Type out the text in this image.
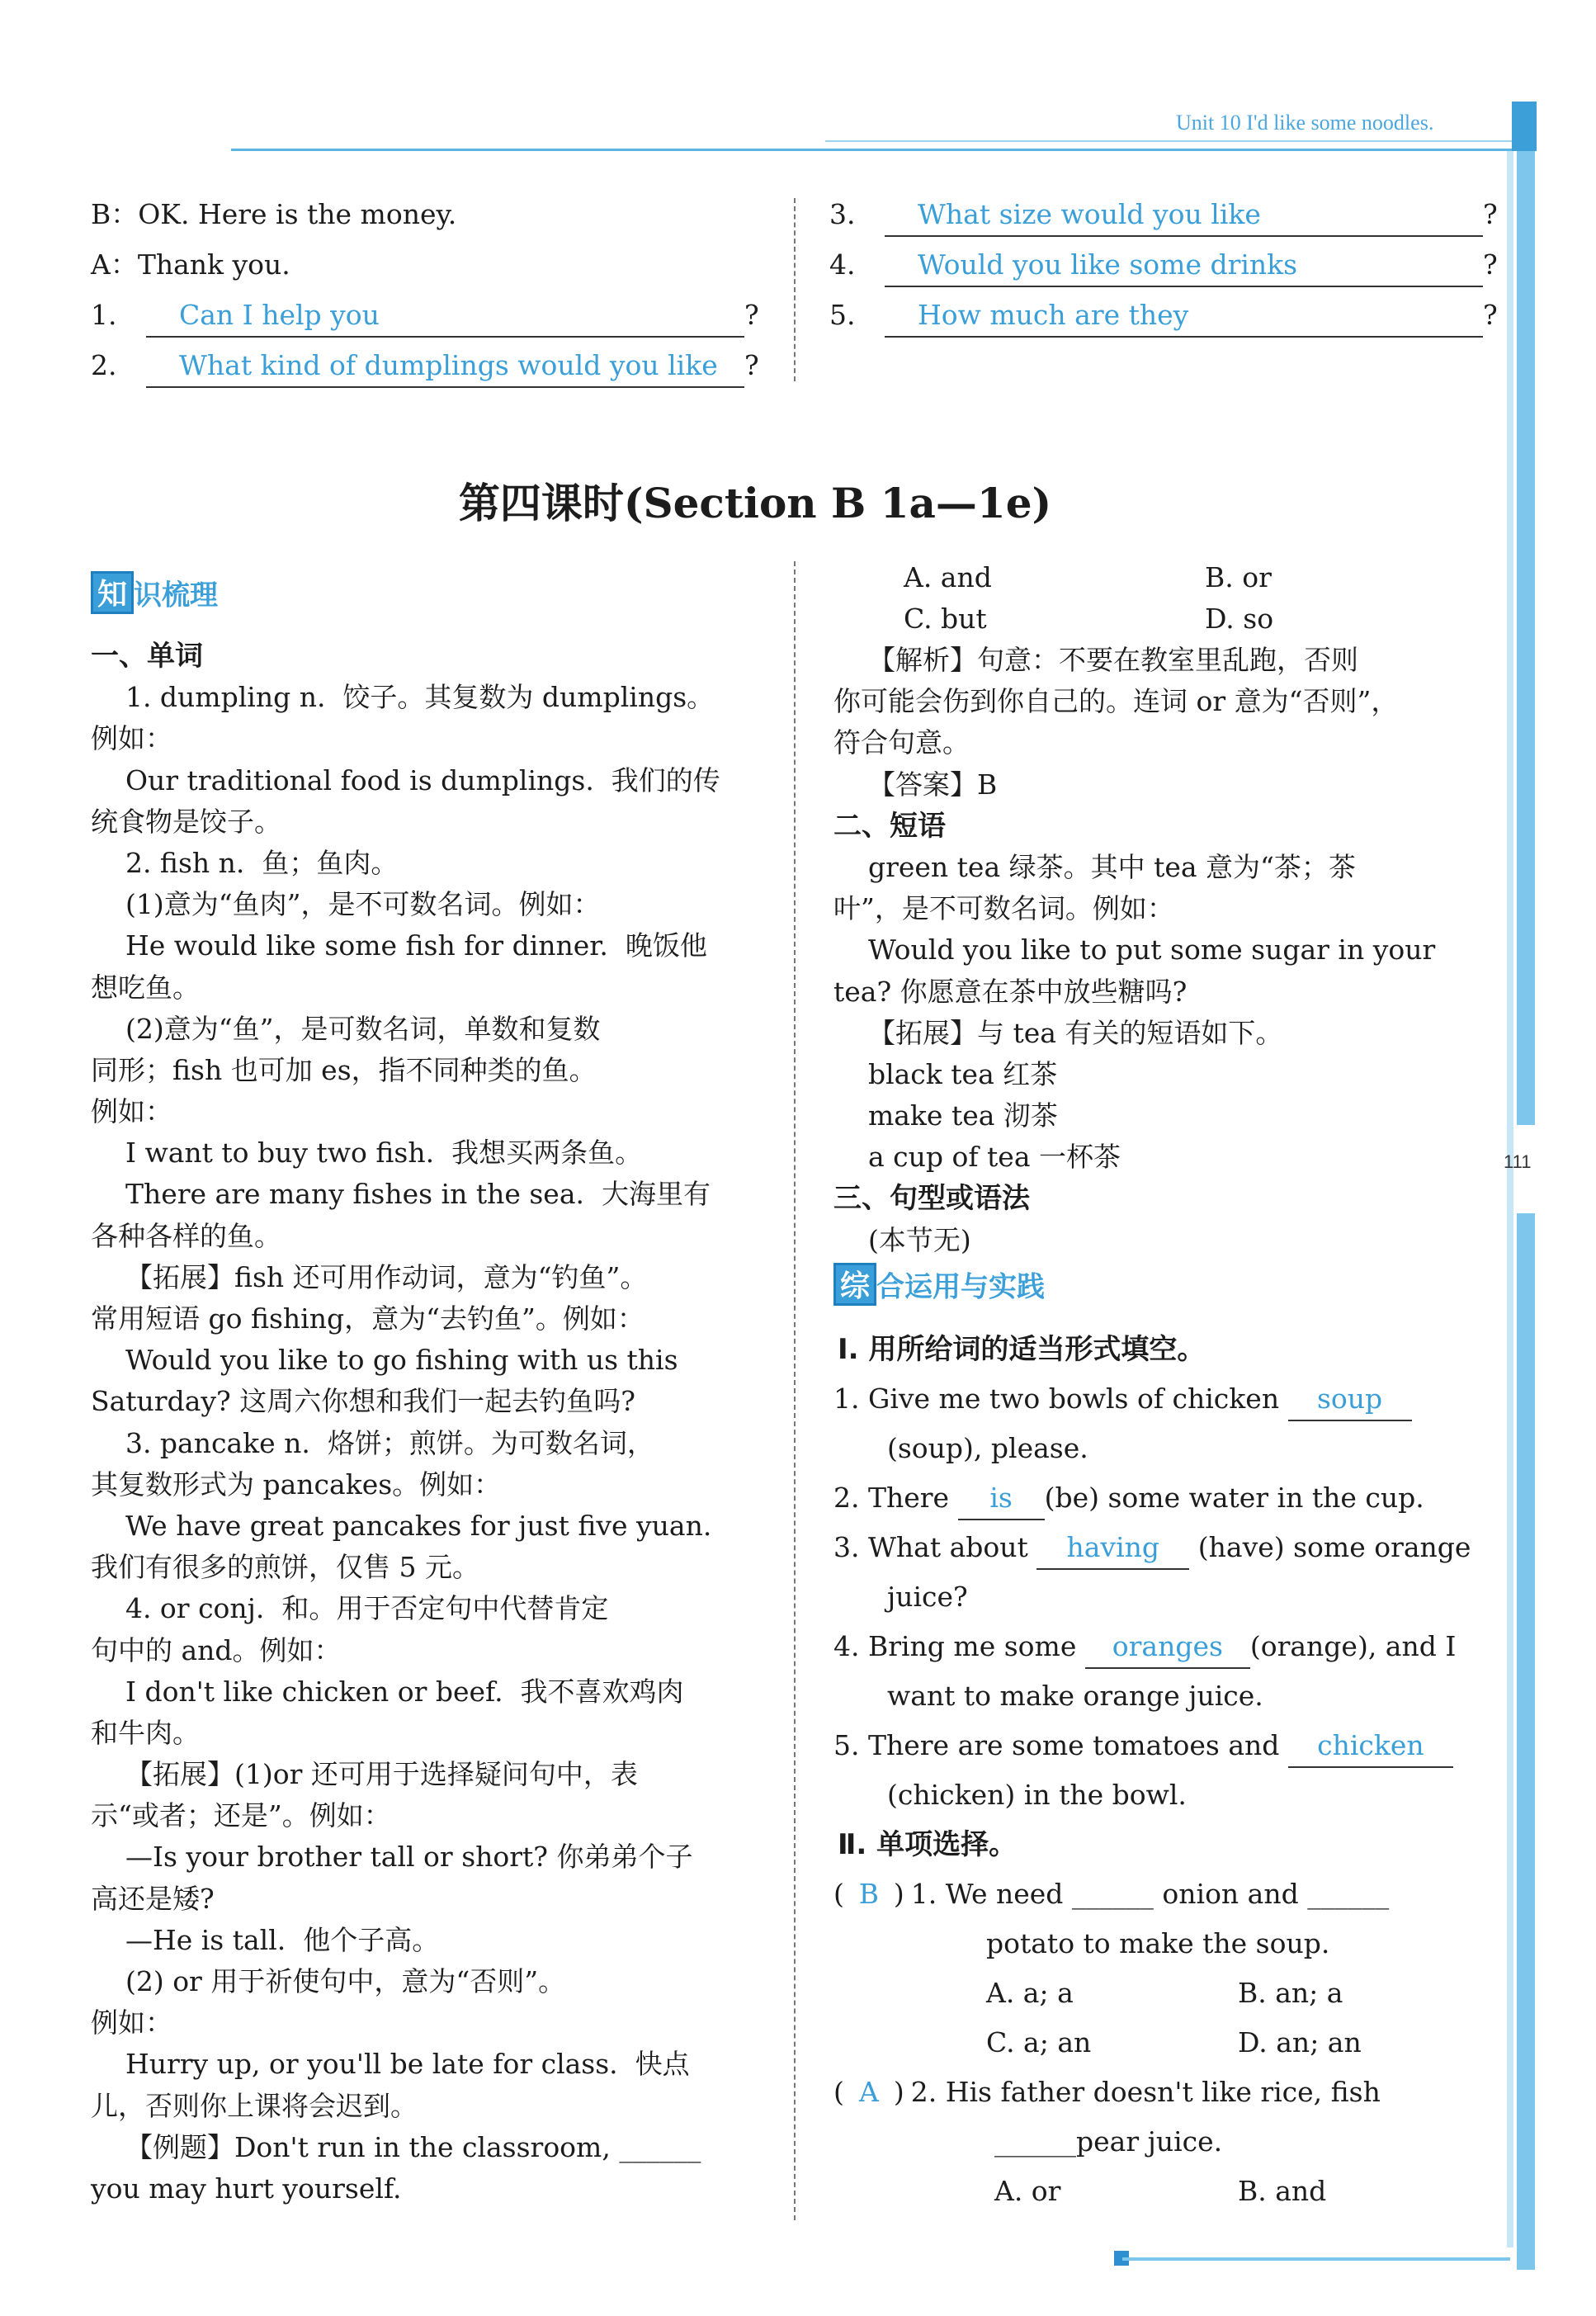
Unit 10 I'd like some noodles.
111
B：OK. Here is the money.
A：Thank you.
1. Can I help you	?
2. What kind of dumplings would you like ?
3. What size would you like	?
4. Would you like some drinks	?
5. How much are they	?
第四课时(Section B 1a—1e)
知 识梳理
一、单词
1. dumpling n.  饺子。其复数为 dumplings。
例如：
Our traditional food is dumplings.  我们的传
统食物是饺子。
2. fish n.  鱼；鱼肉。
(1)意为“鱼肉”，是不可数名词。例如：
He would like some fish for dinner.  晚饭他
想吃鱼。
(2)意为“鱼”，是可数名词，单数和复数
同形；fish 也可加 es，指不同种类的鱼。
例如：
I want to buy two fish.  我想买两条鱼。
There are many fishes in the sea.  大海里有
各种各样的鱼。
【拓展】fish 还可用作动词，意为“钓鱼”。
常用短语 go fishing，意为“去钓鱼”。例如：
Would you like to go fishing with us this
Saturday? 这周六你想和我们一起去钓鱼吗?
3. pancake n.  烙饼；煎饼。为可数名词，
其复数形式为 pancakes。例如：
We have great pancakes for just five yuan.
我们有很多的煎饼，仅售 5 元。
4. or conj.  和。用于否定句中代替肯定
句中的 and。例如：
I don't like chicken or beef.  我不喜欢鸡肉
和牛肉。
【拓展】(1)or 还可用于选择疑问句中，表
示“或者；还是”。例如：
—Is your brother tall or short? 你弟弟个子
高还是矮?
—He is tall.  他个子高。
(2) or 用于祈使句中，意为“否则”。
例如：
Hurry up, or you'll be late for class.  快点
儿，否则你上课将会迟到。
【例题】Don't run in the classroom, ______
you may hurt yourself.
A. and	B. or
C. but	D. so
【解析】句意：不要在教室里乱跑，否则
你可能会伤到你自己的。连词 or 意为“否则”，
符合句意。
【答案】B
二、短语
green tea 绿茶。其中 tea 意为“茶；茶
叶”，是不可数名词。例如：
Would you like to put some sugar in your
tea? 你愿意在茶中放些糖吗?
【拓展】与 tea 有关的短语如下。
black tea 红茶
make tea 沏茶
a cup of tea 一杯茶
三、句型或语法
(本节无)
综 合运用与实践
Ⅰ. 用所给词的适当形式填空。
1. Give me two bowls of chicken soup
(soup), please.
2. There is (be) some water in the cup.
3. What about having (have) some orange
juice?
4. Bring me some oranges (orange), and I
want to make orange juice.
5. There are some tomatoes and chicken
(chicken) in the bowl.
Ⅱ. 单项选择。
( B ) 1. We need ______ onion and ______
potato to make the soup.
A. a; a	B. an; a
C. a; an	D. an; an
( A ) 2. His father doesn't like rice, fish
______pear juice.
A. or	B. and
